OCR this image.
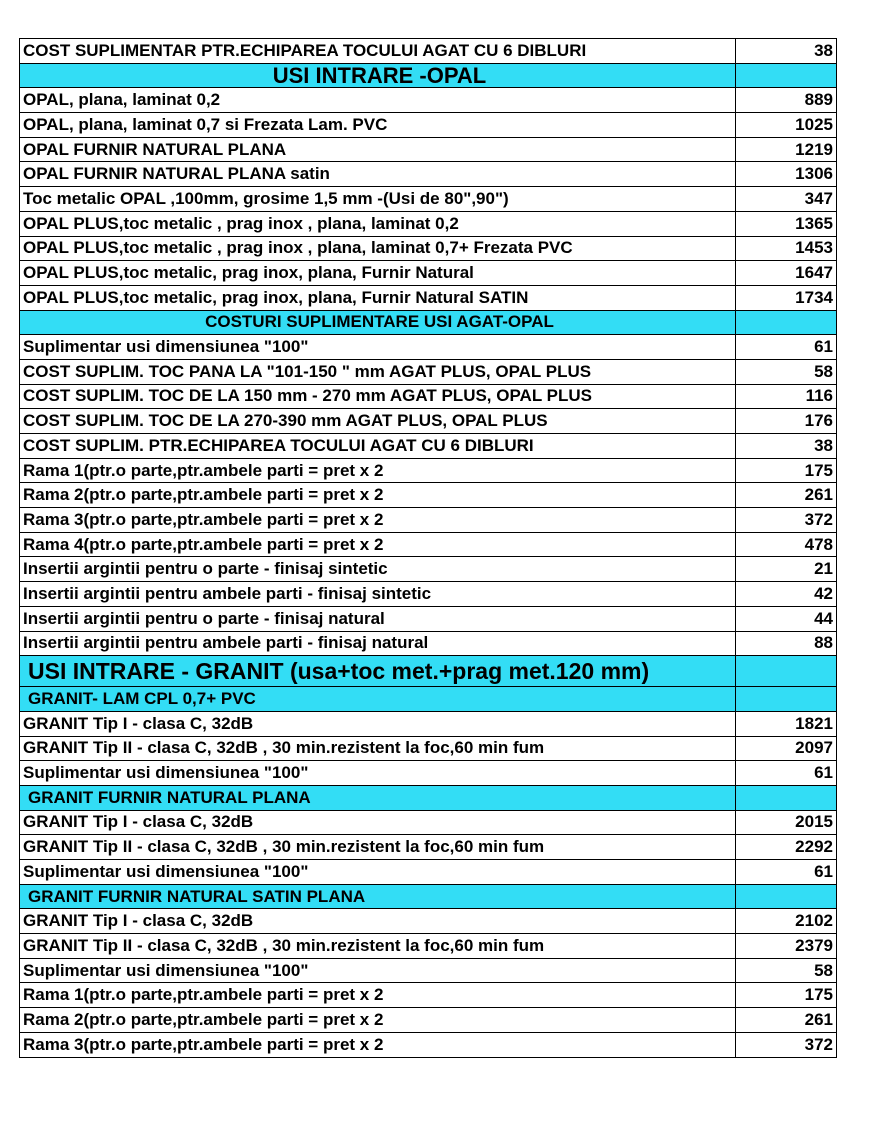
COST SUPLIMENTAR PTR.ECHIPAREA TOCULUI AGAT CU 6 DIBLURI	38
USI INTRARE -OPAL	
OPAL, plana, laminat 0,2	889
OPAL, plana, laminat 0,7 si Frezata Lam. PVC	1025
OPAL FURNIR NATURAL PLANA	1219
OPAL FURNIR NATURAL PLANA satin	1306
Toc metalic OPAL ,100mm, grosime 1,5 mm -(Usi de 80",90")	347
OPAL PLUS,toc metalic , prag inox , plana, laminat 0,2	1365
OPAL PLUS,toc metalic , prag inox , plana, laminat 0,7+ Frezata PVC	1453
OPAL PLUS,toc metalic, prag inox, plana, Furnir Natural	1647
OPAL PLUS,toc metalic, prag inox, plana, Furnir Natural SATIN	1734
COSTURI SUPLIMENTARE USI AGAT-OPAL	
Suplimentar usi dimensiunea "100"	61
COST SUPLIM. TOC PANA LA "101-150 " mm AGAT PLUS, OPAL PLUS	58
COST SUPLIM. TOC DE LA 150 mm - 270 mm AGAT PLUS, OPAL PLUS	116
COST SUPLIM. TOC DE LA 270-390 mm AGAT PLUS, OPAL PLUS	176
COST SUPLIM. PTR.ECHIPAREA TOCULUI AGAT CU 6 DIBLURI	38
Rama 1(ptr.o parte,ptr.ambele parti = pret x 2	175
Rama 2(ptr.o parte,ptr.ambele parti = pret x 2	261
Rama 3(ptr.o parte,ptr.ambele parti = pret x 2	372
Rama 4(ptr.o parte,ptr.ambele parti = pret x 2	478
Insertii argintii pentru o parte - finisaj sintetic	21
Insertii argintii pentru ambele parti - finisaj sintetic	42
Insertii argintii pentru o parte - finisaj natural	44
Insertii argintii pentru ambele parti - finisaj natural	88
USI INTRARE - GRANIT (usa+toc met.+prag met.120 mm)	
GRANIT- LAM CPL 0,7+ PVC	
GRANIT Tip I - clasa C, 32dB	1821
GRANIT Tip II - clasa C, 32dB , 30 min.rezistent la foc,60 min fum	2097
Suplimentar usi dimensiunea "100"	61
GRANIT FURNIR NATURAL PLANA	
GRANIT Tip I - clasa C, 32dB	2015
GRANIT Tip II - clasa C, 32dB , 30 min.rezistent la foc,60 min fum	2292
Suplimentar usi dimensiunea "100"	61
GRANIT FURNIR NATURAL SATIN PLANA	
GRANIT Tip I - clasa C, 32dB	2102
GRANIT Tip II - clasa C, 32dB , 30 min.rezistent la foc,60 min fum	2379
Suplimentar usi dimensiunea "100"	58
Rama 1(ptr.o parte,ptr.ambele parti = pret x 2	175
Rama 2(ptr.o parte,ptr.ambele parti = pret x 2	261
Rama 3(ptr.o parte,ptr.ambele parti = pret x 2	372
